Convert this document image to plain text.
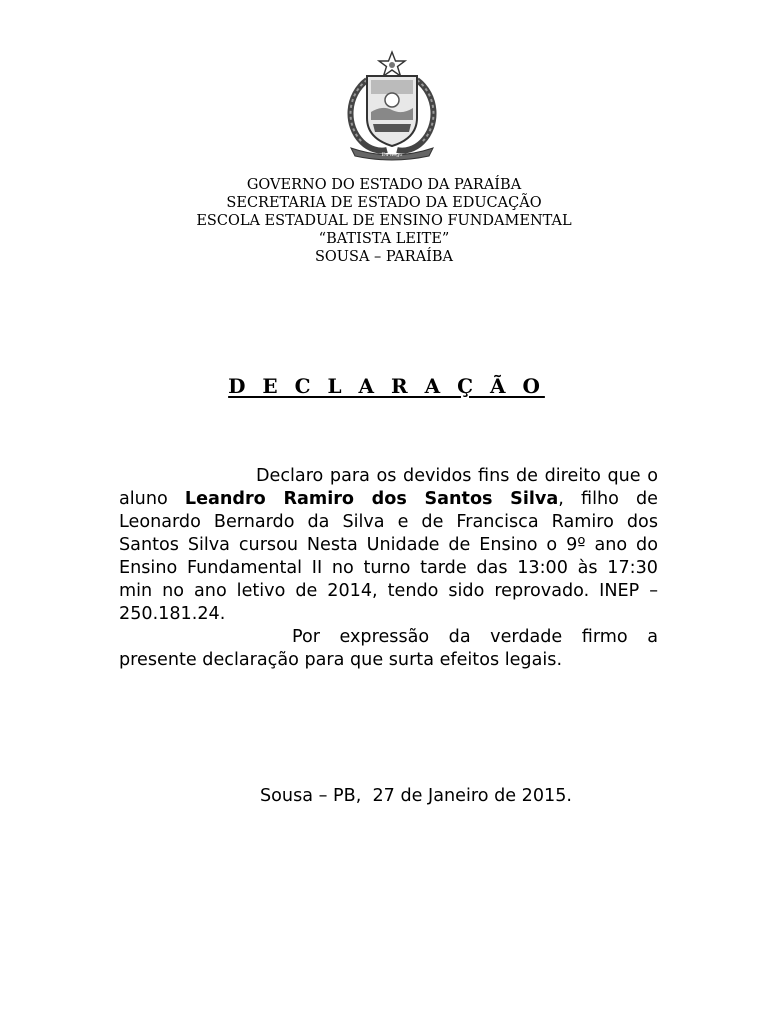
Eu nego
GOVERNO DO ESTADO DA PARAÍBA
SECRETARIA DE ESTADO DA EDUCAÇÃO
ESCOLA ESTADUAL DE ENSINO FUNDAMENTAL
“BATISTA LEITE”
SOUSA – PARAÍBA
D E C L A R A Ç Ã O

Declaro para os devidos fins de direito que o aluno Leandro Ramiro dos Santos Silva, filho de Leonardo Bernardo da Silva e de Francisca Ramiro dos Santos Silva cursou Nesta Unidade de Ensino o 9º ano do Ensino Fundamental II no turno tarde das 13:00 às 17:30 min no ano letivo de 2014, tendo sido reprovado. INEP – 250.181.24.

Por expressão da verdade firmo a presente declaração para que surta efeitos legais.

Sousa – PB,  27 de Janeiro de 2015.
